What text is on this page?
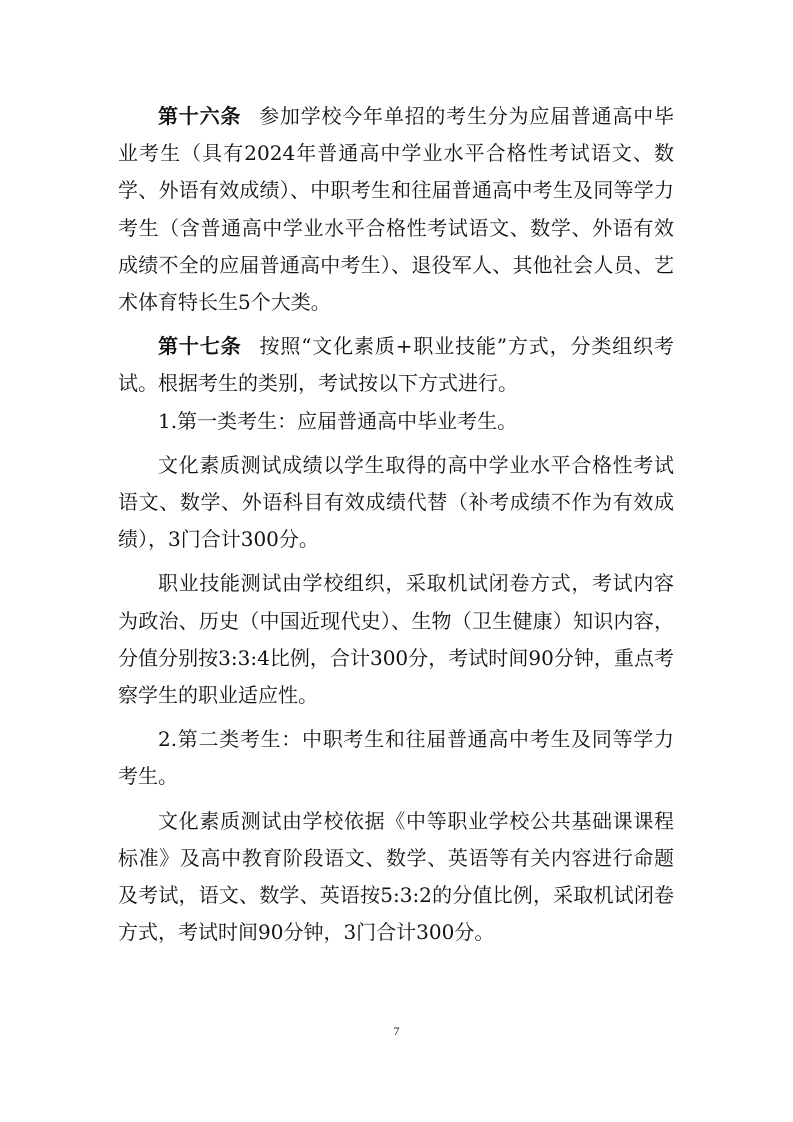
第十六条 参加学校今年单招的考生分为应届普通高中毕业考生（具有2024年普通高中学业水平合格性考试语文、数学、外语有效成绩）、中职考生和往届普通高中考生及同等学力考生（含普通高中学业水平合格性考试语文、数学、外语有效成绩不全的应届普通高中考生）、退役军人、其他社会人员、艺术体育特长生5个大类。

第十七条 按照“文化素质+职业技能”方式，分类组织考试。根据考生的类别，考试按以下方式进行。

1.第一类考生：应届普通高中毕业考生。

文化素质测试成绩以学生取得的高中学业水平合格性考试语文、数学、外语科目有效成绩代替（补考成绩不作为有效成绩），3门合计300分。

职业技能测试由学校组织，采取机试闭卷方式，考试内容为政治、历史（中国近现代史）、生物（卫生健康）知识内容，分值分别按3:3:4比例，合计300分，考试时间90分钟，重点考察学生的职业适应性。

2.第二类考生：中职考生和往届普通高中考生及同等学力考生。

文化素质测试由学校依据《中等职业学校公共基础课课程标准》及高中教育阶段语文、数学、英语等有关内容进行命题及考试，语文、数学、英语按5:3:2的分值比例，采取机试闭卷方式，考试时间90分钟，3门合计300分。

7
